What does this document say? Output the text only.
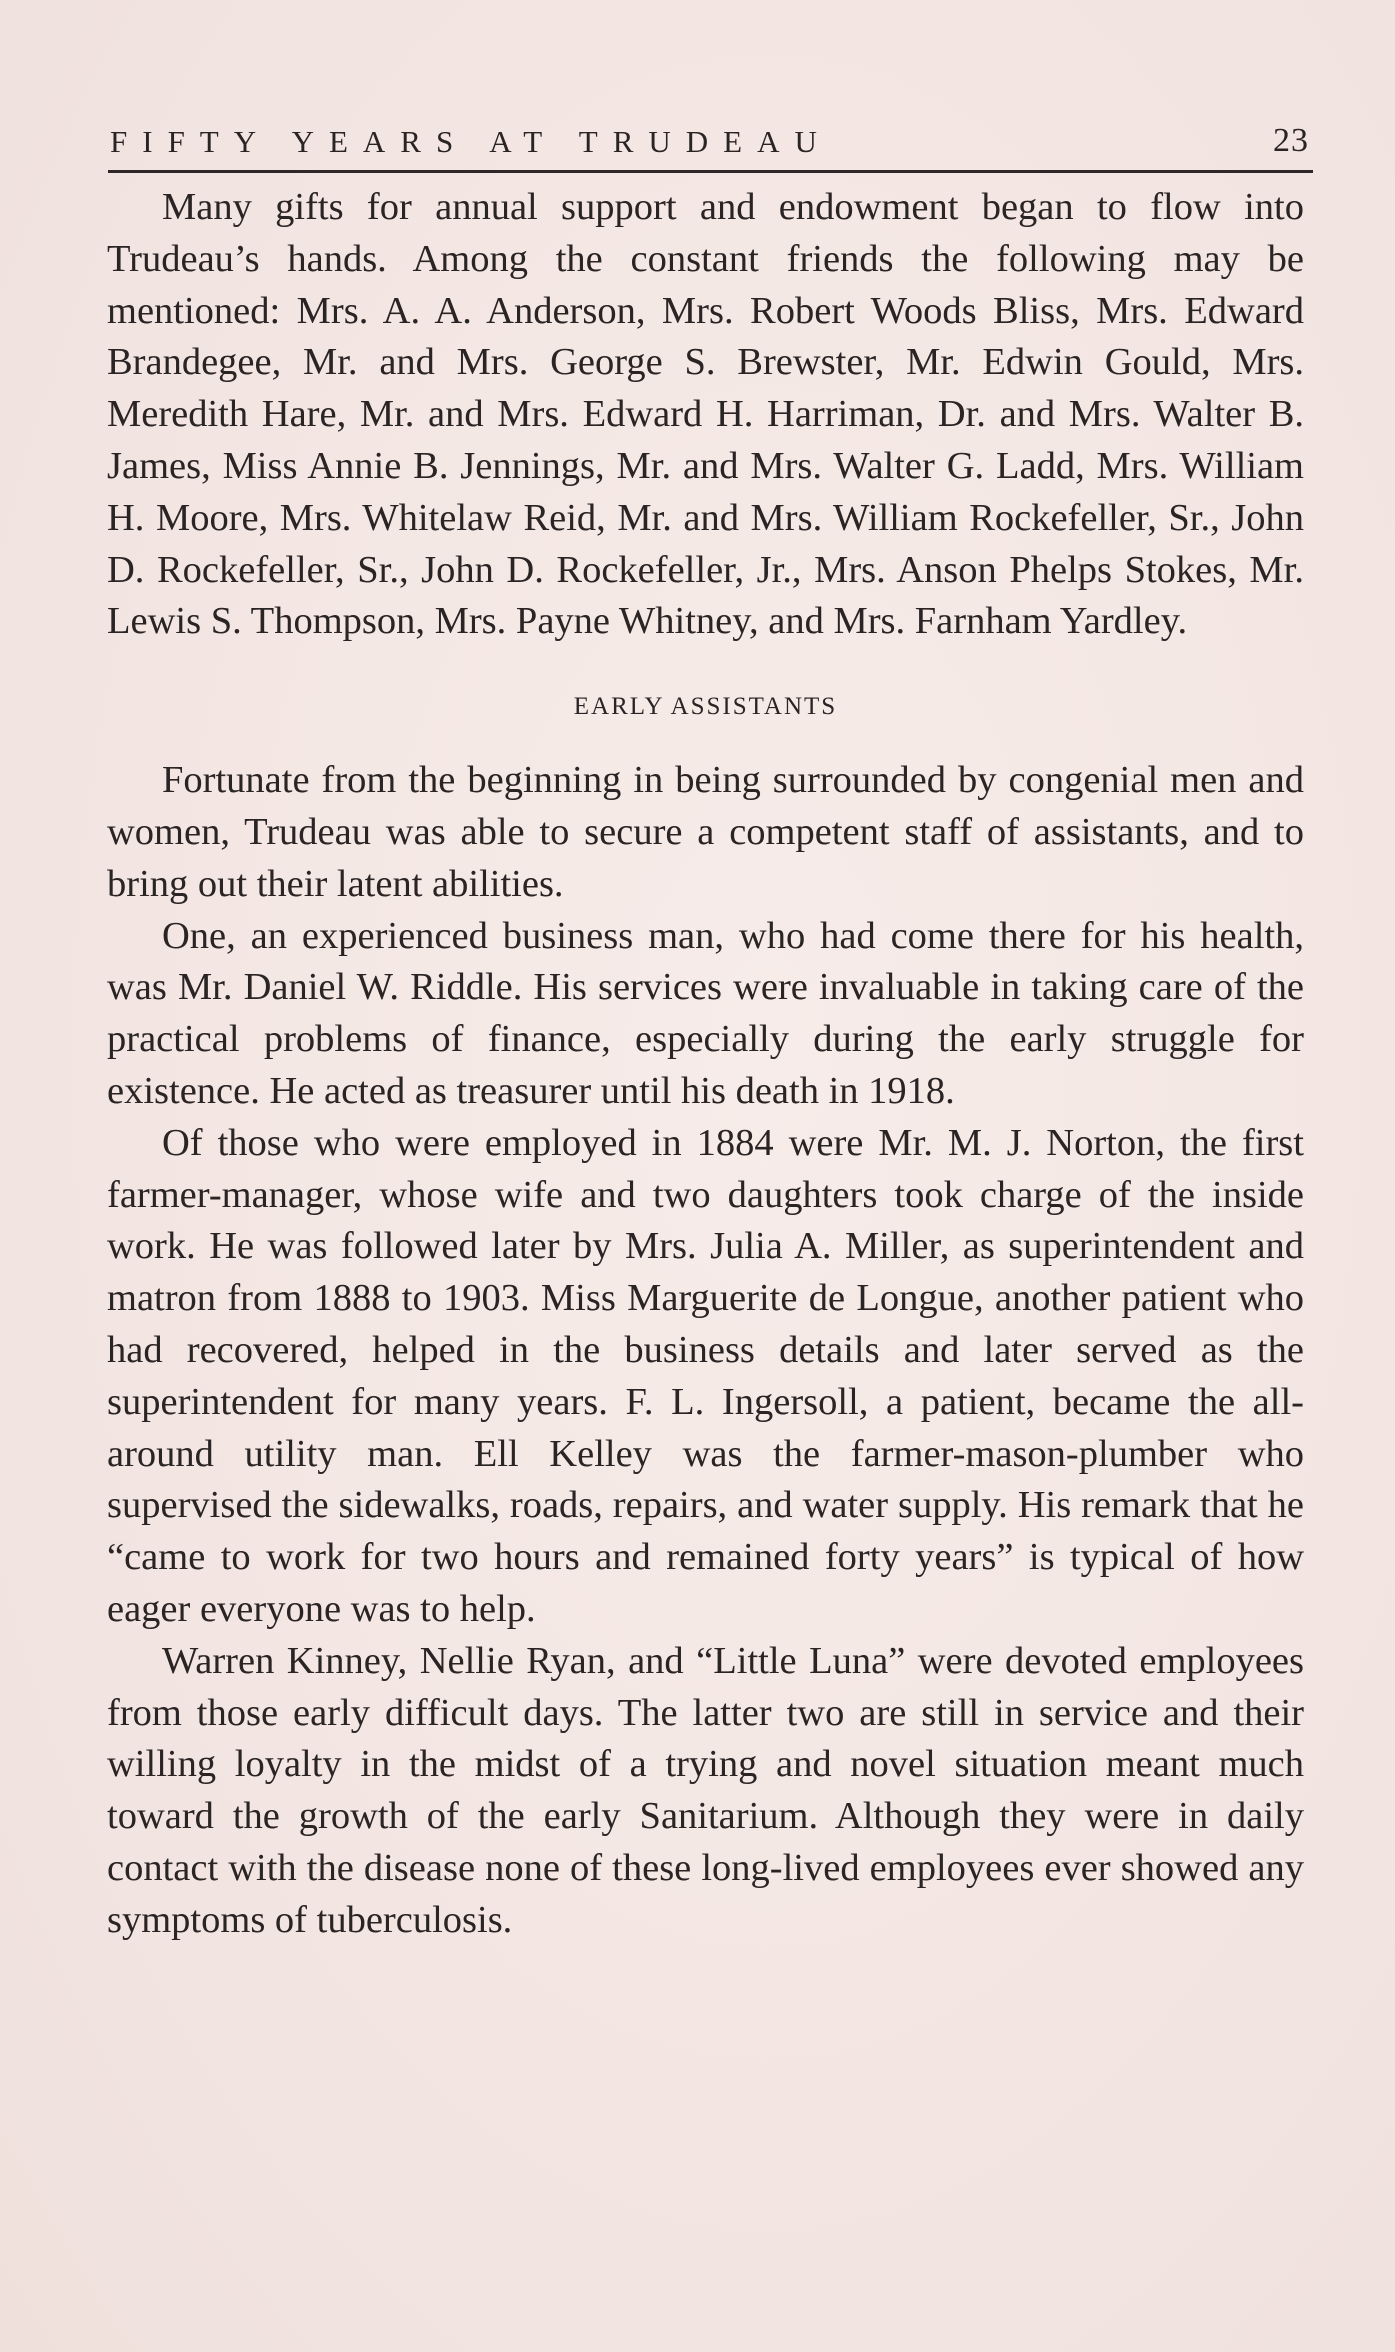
FIFTY YEARS AT TRUDEAU	23

Many gifts for annual support and endowment began to flow into Trudeau’s hands. Among the constant friends the following may be mentioned: Mrs. A. A. Anderson, Mrs. Robert Woods Bliss, Mrs. Edward Brandegee, Mr. and Mrs. George S. Brewster, Mr. Edwin Gould, Mrs. Meredith Hare, Mr. and Mrs. Edward H. Harriman, Dr. and Mrs. Walter B. James, Miss Annie B. Jennings, Mr. and Mrs. Walter G. Ladd, Mrs. William H. Moore, Mrs. Whitelaw Reid, Mr. and Mrs. William Rockefeller, Sr., John D. Rockefeller, Sr., John D. Rockefeller, Jr., Mrs. Anson Phelps Stokes, Mr. Lewis S. Thompson, Mrs. Payne Whitney, and Mrs. Farnham Yardley.

EARLY ASSISTANTS

Fortunate from the beginning in being surrounded by congenial men and women, Trudeau was able to secure a competent staff of assistants, and to bring out their latent abilities.

One, an experienced business man, who had come there for his health, was Mr. Daniel W. Riddle. His services were invaluable in taking care of the practical problems of finance, especially during the early struggle for existence. He acted as treasurer until his death in 1918.

Of those who were employed in 1884 were Mr. M. J. Norton, the first farmer-manager, whose wife and two daughters took charge of the inside work. He was followed later by Mrs. Julia A. Miller, as superintendent and matron from 1888 to 1903. Miss Marguerite de Longue, another patient who had recovered, helped in the business details and later served as the superintendent for many years. F. L. Ingersoll, a patient, became the all-around utility man. Ell Kelley was the farmer-mason-plumber who supervised the sidewalks, roads, repairs, and water supply. His remark that he “came to work for two hours and remained forty years” is typical of how eager everyone was to help.

Warren Kinney, Nellie Ryan, and “Little Luna” were devoted employees from those early difficult days. The latter two are still in service and their willing loyalty in the midst of a trying and novel situation meant much toward the growth of the early Sanitarium. Although they were in daily contact with the disease none of these long-lived employees ever showed any symptoms of tuberculosis.
